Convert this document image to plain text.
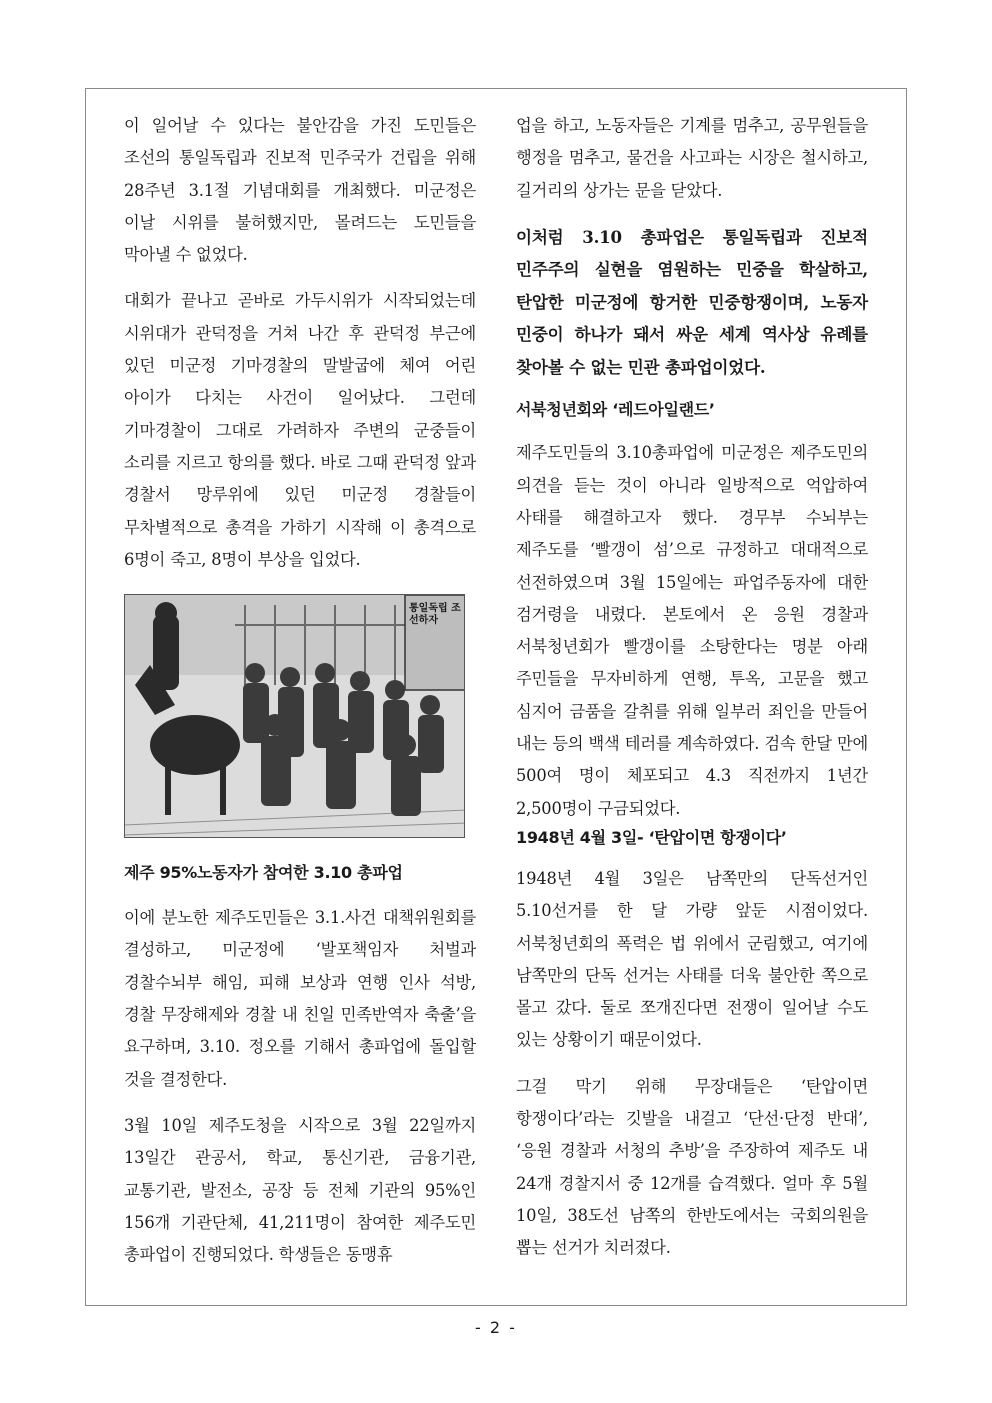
이 일어날 수 있다는 불안감을 가진 도민들은 조선의 통일독립과 진보적 민주국가 건립을 위해 28주년 3.1절 기념대회를 개최했다. 미군정은 이날 시위를 불허했지만, 몰려드는 도민들을 막아낼 수 없었다.

대회가 끝나고 곧바로 가두시위가 시작되었는데 시위대가 관덕정을 거쳐 나간 후 관덕정 부근에 있던 미군정 기마경찰의 말발굽에 체여 어린 아이가 다치는 사건이 일어났다. 그런데 기마경찰이 그대로 가려하자 주변의 군중들이 소리를 지르고 항의를 했다. 바로 그때 관덕정 앞과 경찰서 망루위에 있던 미군정 경찰들이 무차별적으로 총격을 가하기 시작해 이 총격으로 6명이 죽고, 8명이 부상을 입었다.

통일독립 조선하자

제주 95%노동자가 참여한 3.10 총파업

이에 분노한 제주도민들은 3.1.사건 대책위원회를 결성하고, 미군정에 ‘발포책임자 처벌과 경찰수뇌부 해임, 피해 보상과 연행 인사 석방, 경찰 무장해제와 경찰 내 친일 민족반역자 축출’을 요구하며, 3.10. 정오를 기해서 총파업에 돌입할 것을 결정한다.

3월 10일 제주도청을 시작으로 3월 22일까지 13일간 관공서, 학교, 통신기관, 금융기관, 교통기관, 발전소, 공장 등 전체 기관의 95%인 156개 기관단체, 41,211명이 참여한 제주도민 총파업이 진행되었다. 학생들은 동맹휴

업을 하고, 노동자들은 기계를 멈추고, 공무원들을 행정을 멈추고, 물건을 사고파는 시장은 철시하고, 길거리의 상가는 문을 닫았다.

이처럼 3.10 총파업은 통일독립과 진보적 민주주의 실현을 염원하는 민중을 학살하고, 탄압한 미군정에 항거한 민중항쟁이며, 노동자 민중이 하나가 돼서 싸운 세계 역사상 유례를 찾아볼 수 없는 민관 총파업이었다.

서북청년회와 ‘레드아일랜드’

제주도민들의 3.10총파업에 미군정은 제주도민의 의견을 듣는 것이 아니라 일방적으로 억압하여 사태를 해결하고자 했다. 경무부 수뇌부는 제주도를 ‘빨갱이 섬’으로 규정하고 대대적으로 선전하였으며 3월 15일에는 파업주동자에 대한 검거령을 내렸다. 본토에서 온 응원 경찰과 서북청년회가 빨갱이를 소탕한다는 명분 아래 주민들을 무자비하게 연행, 투옥, 고문을 했고 심지어 금품을 갈취를 위해 일부러 죄인을 만들어 내는 등의 백색 테러를 계속하였다. 검속 한달 만에 500여 명이 체포되고 4.3 직전까지 1년간 2,500명이 구금되었다.

1948년 4월 3일- ‘탄압이면 항쟁이다’

1948년 4월 3일은 남쪽만의 단독선거인 5.10선거를 한 달 가량 앞둔 시점이었다. 서북청년회의 폭력은 법 위에서 군림했고, 여기에 남쪽만의 단독 선거는 사태를 더욱 불안한 쪽으로 몰고 갔다. 둘로 쪼개진다면 전쟁이 일어날 수도 있는 상황이기 때문이었다.

그걸 막기 위해 무장대들은 ‘탄압이면 항쟁이다’라는 깃발을 내걸고 ‘단선·단정 반대’, ‘응원 경찰과 서청의 추방’을 주장하여 제주도 내 24개 경찰지서 중 12개를 습격했다. 얼마 후 5월 10일, 38도선 남쪽의 한반도에서는 국회의원을 뽑는 선거가 치러졌다.

- 2 -
